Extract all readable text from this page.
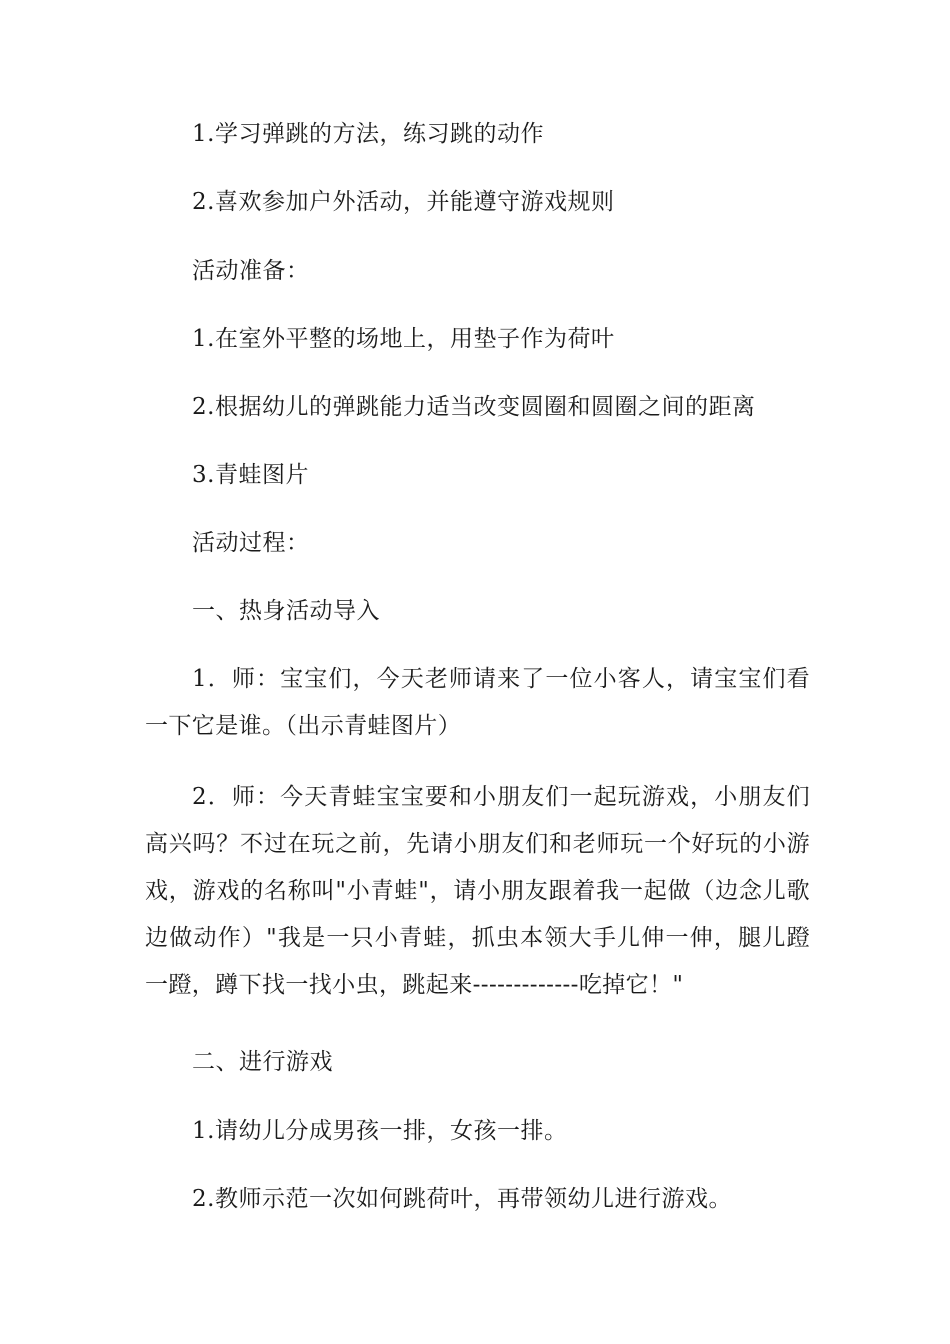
1.学习弹跳的方法，练习跳的动作
2.喜欢参加户外活动，并能遵守游戏规则
活动准备：
1.在室外平整的场地上，用垫子作为荷叶
2.根据幼儿的弹跳能力适当改变圆圈和圆圈之间的距离
3.青蛙图片
活动过程：
一、热身活动导入
1．师：宝宝们，今天老师请来了一位小客人，请宝宝们看一下它是谁。（出示青蛙图片）
2．师：今天青蛙宝宝要和小朋友们一起玩游戏，小朋友们高兴吗？不过在玩之前，先请小朋友们和老师玩一个好玩的小游戏，游戏的名称叫"小青蛙"，请小朋友跟着我一起做（边念儿歌边做动作）"我是一只小青蛙，抓虫本领大手儿伸一伸，腿儿蹬一蹬，蹲下找一找小虫，跳起来-------------吃掉它！"
二、进行游戏
1.请幼儿分成男孩一排，女孩一排。
2.教师示范一次如何跳荷叶，再带领幼儿进行游戏。
